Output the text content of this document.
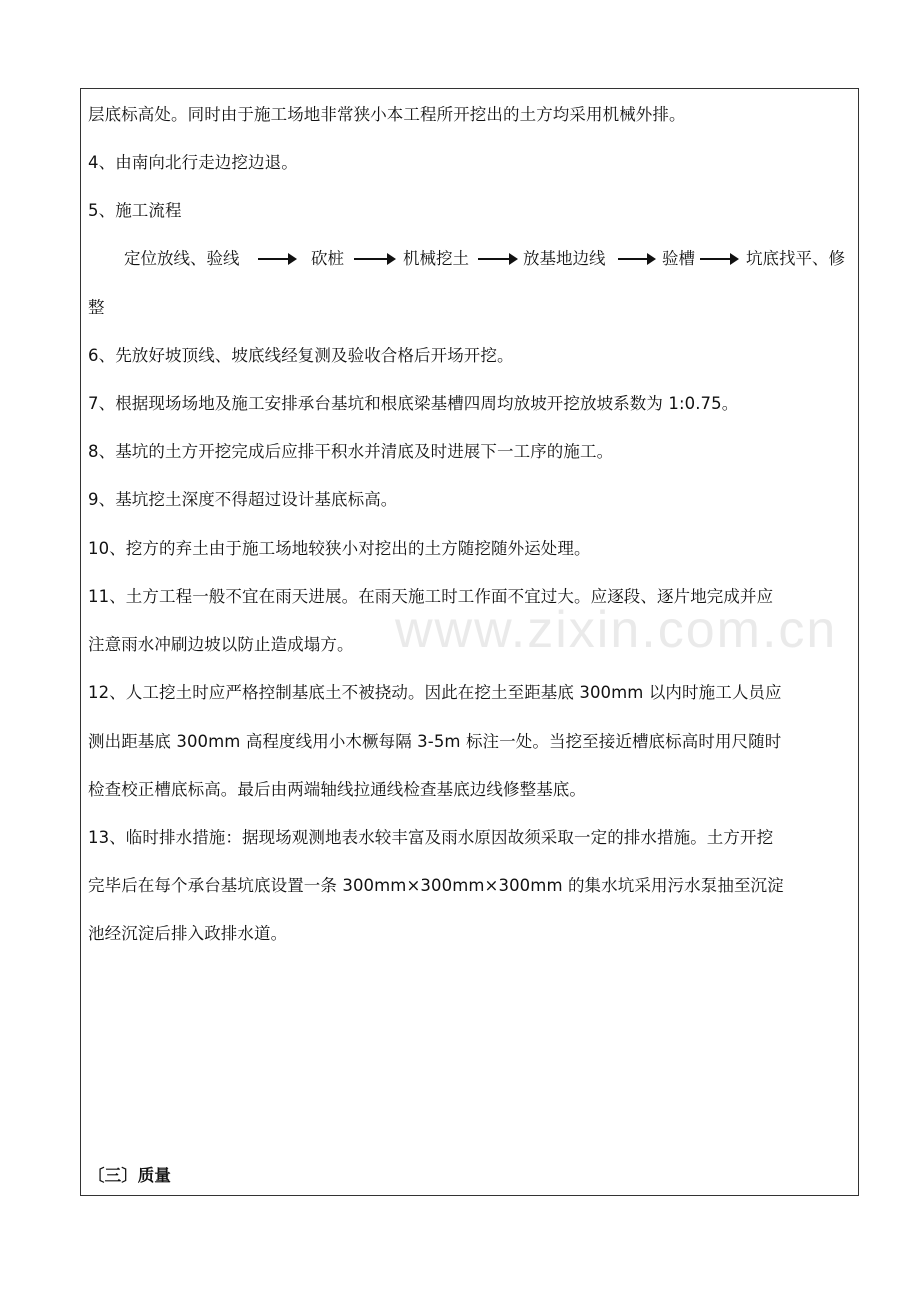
层底标高处。同时由于施工场地非常狭小本工程所开挖出的土方均采用机械外排。
4、由南向北行走边挖边退。
5、施工流程
定位放线、验线	砍桩	机械挖土	放基地边线	验槽	坑底找平、修
整
6、先放好坡顶线、坡底线经复测及验收合格后开场开挖。
7、根据现场场地及施工安排承台基坑和根底梁基槽四周均放坡开挖放坡系数为 1:0.75。
8、基坑的土方开挖完成后应排干积水并清底及时进展下一工序的施工。
9、基坑挖土深度不得超过设计基底标高。
10、挖方的弃土由于施工场地较狭小对挖出的土方随挖随外运处理。
11、土方工程一般不宜在雨天进展。在雨天施工时工作面不宜过大。应逐段、逐片地完成并应
注意雨水冲刷边坡以防止造成塌方。
12、人工挖土时应严格控制基底土不被挠动。因此在挖土至距基底 300mm 以内时施工人员应
测出距基底 300mm 高程度线用小木橛每隔 3-5m 标注一处。当挖至接近槽底标高时用尺随时
检查校正槽底标高。最后由两端轴线拉通线检查基底边线修整基底。
13、临时排水措施：据现场观测地表水较丰富及雨水原因故须采取一定的排水措施。土方开挖
完毕后在每个承台基坑底设置一条 300mm×300mm×300mm 的集水坑采用污水泵抽至沉淀
池经沉淀后排入政排水道。
〔三〕质量
www.zixin.com.cn
